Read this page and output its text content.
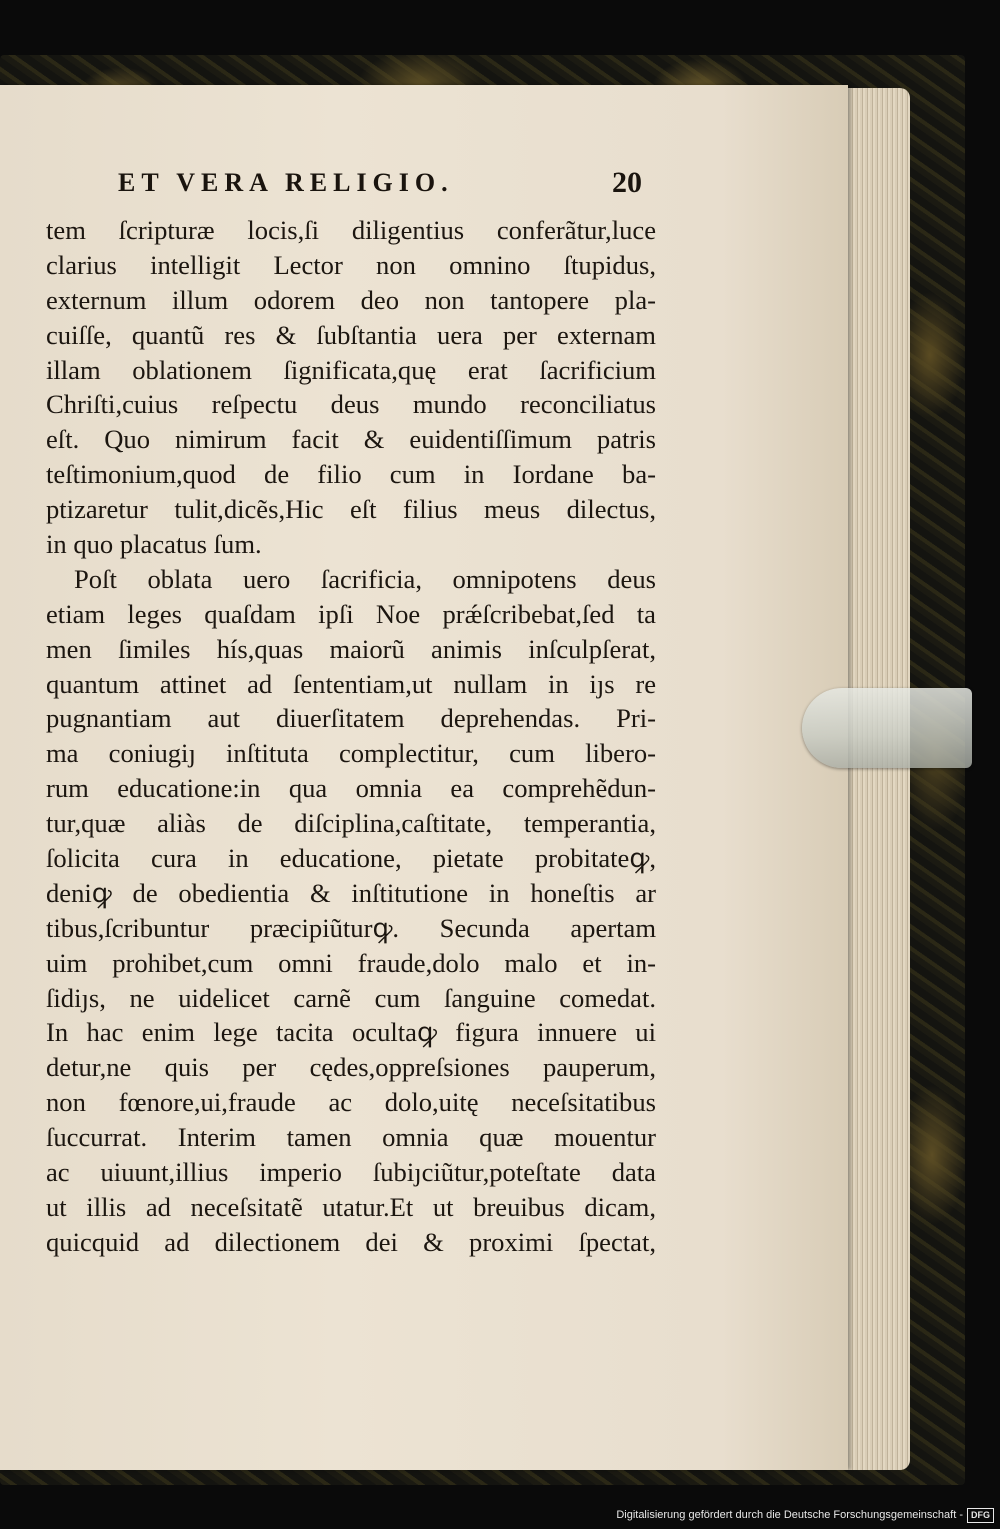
ET VERA RELIGIO.	20
tem ſcripturæ locis,ſi diligentius conferãtur,luce
clarius intelligit Lector non omnino ſtupidus,
externum illum odorem deo non tantopere pla-
cuiſſe, quantũ res & ſubſtantia uera per externam
illam oblationem ſignificata,quę erat ſacrificium
Chriſti,cuius reſpectu deus mundo reconciliatus
eſt. Quo nimirum facit & euidentiſſimum patris
teſtimonium,quod de filio cum in Iordane ba-
ptizaretur tulit,dicẽs,Hic eſt filius meus dilectus,
in quo placatus ſum.
Poſt oblata uero ſacrificia, omnipotens deus
etiam leges quaſdam ipſi Noe prǽſcribebat,ſed ta
men ſimiles hís,quas maiorũ animis inſculpſerat,
quantum attinet ad ſententiam,ut nullam in iȷs re
pugnantiam aut diuerſitatem deprehendas. Pri-
ma coniugiȷ inſtituta complectitur, cum libero-
rum educatione:in qua omnia ea comprehẽdun-
tur,quæ aliàs de diſciplina,caſtitate, temperantia,
ſolicita cura in educatione, pietate probitateꝙ,
deniꝙ de obedientia & inſtitutione in honeſtis ar
tibus,ſcribuntur præcipiũturꝙ. Secunda apertam
uim prohibet,cum omni fraude,dolo malo et in-
ſidiȷs, ne uidelicet carnẽ cum ſanguine comedat.
In hac enim lege tacita ocultaꝙ figura innuere ui
detur,ne quis per cędes,oppreſsiones pauperum,
non fœnore,ui,fraude ac dolo,uitę neceſsitatibus
ſuccurrat. Interim tamen omnia quæ mouentur
ac uiuunt,illius imperio ſubiȷciũtur,poteſtate data
ut illis ad neceſsitatẽ utatur.Et ut breuibus dicam,
quicquid ad dilectionem dei & proximi ſpectat,
Digitalisierung gefördert durch die Deutsche Forschungsgemeinschaft - DFG
